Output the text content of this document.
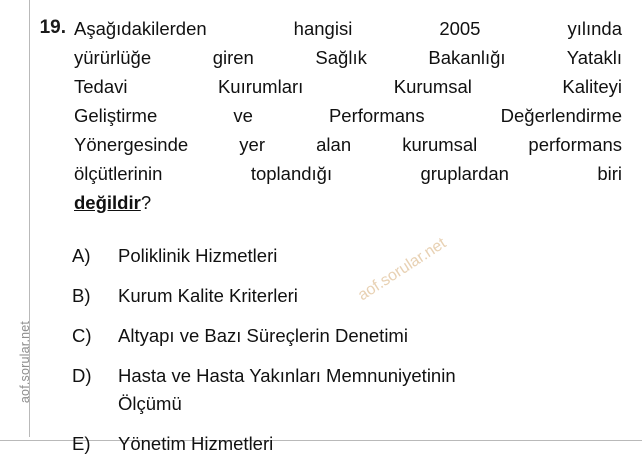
aof.sorular.net
aof.sorular.net
19. Aşağıdakilerden hangisi 2005 yılında
yürürlüğe giren Sağlık Bakanlığı Yataklı
Tedavi Kuırumları Kurumsal Kaliteyi
Geliştirme ve Performans Değerlendirme
Yönergesinde yer alan kurumsal performans
ölçütlerinin toplandığı gruplardan biri
değildir?
A)	Poliklinik Hizmetleri
B)	Kurum Kalite Kriterleri
C)	Altyapı ve Bazı Süreçlerin Denetimi
D)	Hasta ve Hasta Yakınları Memnuniyetinin
Ölçümü
E)	Yönetim Hizmetleri
